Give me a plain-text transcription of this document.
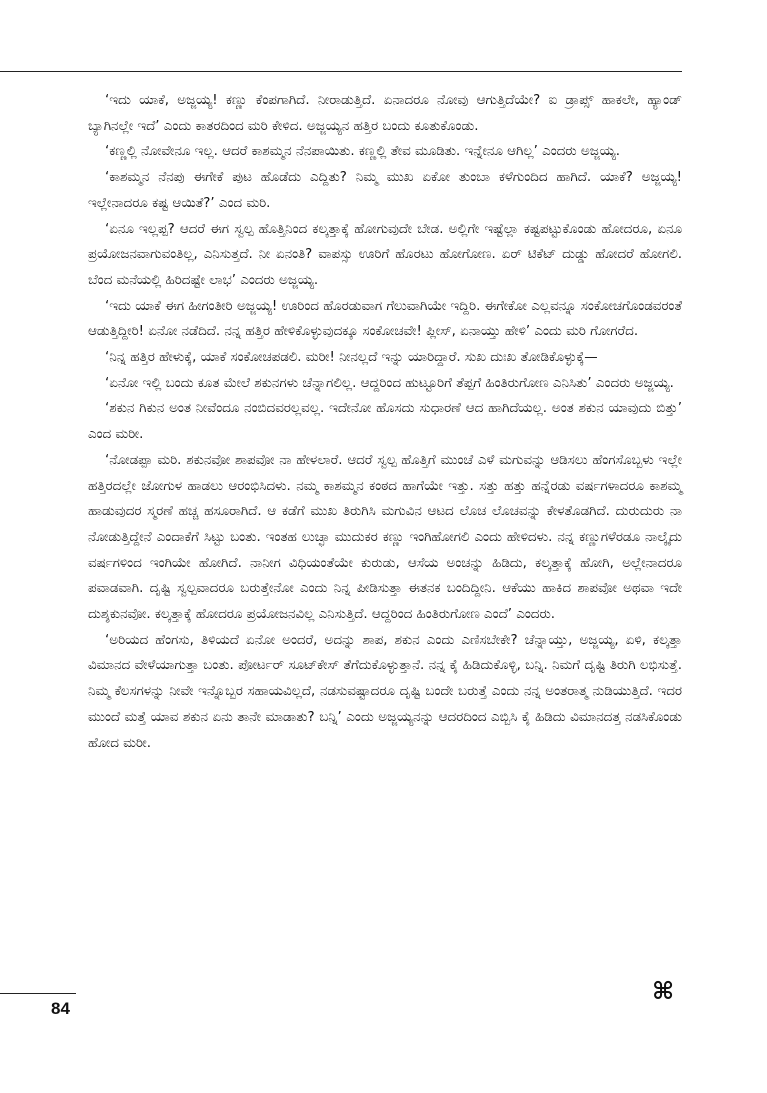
‘ಇದು ಯಾಕೆ, ಅಜ್ಜಯ್ಯ! ಕಣ್ಣು ಕೆಂಪಗಾಗಿದೆ. ನೀರಾಡುತ್ತಿದೆ. ಏನಾದರೂ ನೋವು ಆಗುತ್ತಿದೆಯೇ? ಐ ಡ್ರಾಪ್ಸ್ ಹಾಕಲೇ, ಹ್ಯಾಂಡ್ ಬ್ಯಾಗಿನಲ್ಲೇ ಇದೆ’ ಎಂದು ಕಾತರದಿಂದ ಮರಿ ಕೇಳಿದ. ಅಜ್ಜಯ್ಯನ ಹತ್ತಿರ ಬಂದು ಕೂತುಕೊಂಡು.

‘ಕಣ್ಣಲ್ಲಿ ನೋವೇನೂ ಇಲ್ಲ. ಆದರೆ ಕಾಶಮ್ಮನ ನೆನಪಾಯಿತು. ಕಣ್ಣಲ್ಲಿ ತೇವ ಮೂಡಿತು. ಇನ್ನೇನೂ ಆಗಿಲ್ಲ’ ಎಂದರು ಅಜ್ಜಯ್ಯ.

‘ಕಾಶಮ್ಮನ ನೆನಪು ಈಗೇಕೆ ಪುಟ ಹೊಡೆದು ಎದ್ದಿತು? ನಿಮ್ಮ ಮುಖ ಏಕೋ ತುಂಬಾ ಕಳೆಗುಂದಿದ ಹಾಗಿದೆ. ಯಾಕೆ? ಅಜ್ಜಯ್ಯ! ಇಲ್ಲೇನಾದರೂ ಕಷ್ಟ ಆಯಿತೆ?’ ಎಂದ ಮರಿ.

‘ಏನೂ ಇಲ್ಲಪ್ಪ? ಆದರೆ ಈಗ ಸ್ವಲ್ಪ ಹೊತ್ತಿನಿಂದ ಕಲ್ಕತ್ತಾಕ್ಕೆ ಹೋಗುವುದೇ ಬೇಡ. ಅಲ್ಲಿಗೇ ಇಷ್ಟೆಲ್ಲಾ ಕಷ್ಟಪಟ್ಟುಕೊಂಡು ಹೋದರೂ, ಏನೂ ಪ್ರಯೋಜನವಾಗುವಂತಿಲ್ಲ, ಎನಿಸುತ್ತದೆ. ನೀ ಏನಂತಿ? ವಾಪಸ್ಸು ಊರಿಗೆ ಹೊರಟು ಹೋಗೋಣ. ಏರ್ ಟಿಕೆಟ್ ದುಡ್ಡು ಹೋದರೆ ಹೋಗಲಿ. ಬೆಂದ ಮನೆಯಲ್ಲಿ ಹಿರಿದಷ್ಟೇ ಲಾಭ’ ಎಂದರು ಅಜ್ಜಯ್ಯ.

‘ಇದು ಯಾಕೆ ಈಗ ಹೀಗಂತೀರಿ ಅಜ್ಜಯ್ಯ! ಊರಿಂದ ಹೊರಡುವಾಗ ಗೆಲುವಾಗಿಯೇ ಇದ್ದಿರಿ. ಈಗೇಕೋ ಎಲ್ಲವನ್ನೂ ಸಂಕೋಚಗೊಂಡವರಂತೆ ಆಡುತ್ತಿದ್ದೀರಿ! ಏನೋ ನಡೆದಿದೆ. ನನ್ನ ಹತ್ತಿರ ಹೇಳಿಕೊಳ್ಳುವುದಕ್ಕೂ ಸಂಕೋಚವೇ! ಪ್ಲೀಸ್, ಏನಾಯ್ತು ಹೇಳಿ’ ಎಂದು ಮರಿ ಗೋಗರೆದ.

‘ನಿನ್ನ ಹತ್ತಿರ ಹೇಳುಕ್ಕೆ, ಯಾಕೆ ಸಂಕೋಚಪಡಲಿ. ಮರೀ! ನೀನಲ್ಲದೆ ಇನ್ನು ಯಾರಿದ್ದಾರೆ. ಸುಖ ದುಃಖ ತೋಡಿಕೊಳ್ಳುಕ್ಕೆ—

‘ಏನೋ ಇಲ್ಲಿ ಬಂದು ಕೂತ ಮೇಲೆ ಶಕುನಗಳು ಚೆನ್ನಾಗಲಿಲ್ಲ. ಆದ್ದರಿಂದ ಹುಟ್ಟೂರಿಗೆ ತೆಪ್ಪಗೆ ಹಿಂತಿರುಗೋಣ ಎನಿಸಿತು’ ಎಂದರು ಅಜ್ಜಯ್ಯ.

‘ಶಕುನ ಗಿಕುನ ಅಂತ ನೀವೆಂದೂ ನಂಬಿದವರಲ್ಲವಲ್ಲ. ಇದೇನೋ ಹೊಸದು ಸುಧಾರಣೆ ಆದ ಹಾಗಿದೆಯಲ್ಲ. ಅಂತ ಶಕುನ ಯಾವುದು ಬಿತ್ತು’ ಎಂದ ಮರೀ.

‘ನೋಡಪ್ಪಾ ಮರಿ. ಶಕುನವೋ ಶಾಪವೋ ನಾ ಹೇಳಲಾರೆ. ಆದರೆ ಸ್ವಲ್ಪ ಹೊತ್ತಿಗೆ ಮುಂಚೆ ಎಳೆ ಮಗುವನ್ನು ಆಡಿಸಲು ಹೆಂಗಸೊಬ್ಬಳು ಇಲ್ಲೇ ಹತ್ತಿರದಲ್ಲೇ ಜೋಗುಳ ಹಾಡಲು ಆರಂಭಿಸಿದಳು. ನಮ್ಮ ಕಾಶಮ್ಮನ ಕಂಠದ ಹಾಗೆಯೇ ಇತ್ತು. ಸತ್ತು ಹತ್ತು ಹನ್ನೆರಡು ವರ್ಷಗಳಾದರೂ ಕಾಶಮ್ಮ ಹಾಡುವುದರ ಸ್ಮರಣೆ ಹಚ್ಚ ಹಸೂರಾಗಿದೆ. ಆ ಕಡೆಗೆ ಮುಖ ತಿರುಗಿಸಿ ಮಗುವಿನ ಆಟದ ಲೊಚ ಲೊಚವನ್ನು ಕೇಳತೊಡಗಿದೆ. ದುರುದುರು ನಾ ನೋಡುತ್ತಿದ್ದೇನೆ ಎಂದಾಕೆಗೆ ಸಿಟ್ಟು ಬಂತು. ಇಂತಹ ಲುಚ್ಛಾ ಮುದುಕರ ಕಣ್ಣು ಇಂಗಿಹೋಗಲಿ ಎಂದು ಹೇಳಿದಳು. ನನ್ನ ಕಣ್ಣುಗಳೆರಡೂ ನಾಲ್ಕೈದು ವರ್ಷಗಳಿಂದ ಇಂಗಿಯೇ ಹೋಗಿದೆ. ನಾನೀಗ ವಿಧಿಯಂತೆಯೇ ಕುರುಡು, ಆಸೆಯ ಅಂಚನ್ನು ಹಿಡಿದು, ಕಲ್ಕತ್ತಾಕ್ಕೆ ಹೋಗಿ, ಅಲ್ಲೇನಾದರೂ ಪವಾಡವಾಗಿ. ದೃಷ್ಟಿ ಸ್ವಲ್ಪವಾದರೂ ಬರುತ್ತೇನೋ ಎಂದು ನಿನ್ನ ಪೀಡಿಸುತ್ತಾ ಈತನಕ ಬಂದಿದ್ದೀನಿ. ಆಕೆಯು ಹಾಕಿದ ಶಾಪವೋ ಅಥವಾ ಇದೇ ದುಶ್ಶಕುನವೋ. ಕಲ್ಕತ್ತಾಕ್ಕೆ ಹೋದರೂ ಪ್ರಯೋಜನವಿಲ್ಲ ಎನಿಸುತ್ತಿದೆ. ಆದ್ದರಿಂದ ಹಿಂತಿರುಗೋಣ ಎಂದೆ’ ಎಂದರು.

‘ಅರಿಯದ ಹೆಂಗಸು, ತಿಳಿಯದೆ ಏನೋ ಅಂದರೆ, ಅದನ್ನು ಶಾಪ, ಶಕುನ ಎಂದು ಎಣಿಸಬೇಕೇ? ಚೆನ್ನಾಯ್ತು, ಅಜ್ಜಯ್ಯ, ಏಳಿ, ಕಲ್ಕತ್ತಾ ವಿಮಾನದ ವೇಳೆಯಾಗುತ್ತಾ ಬಂತು. ಪೋರ್ಟರ್ ಸೂಟ್‌ಕೇಸ್ ತೆಗೆದುಕೊಳ್ಳುತ್ತಾನೆ. ನನ್ನ ಕೈ ಹಿಡಿದುಕೊಳ್ಳಿ, ಬನ್ನಿ. ನಿಮಗೆ ದೃಷ್ಟಿ ತಿರುಗಿ ಲಭಿಸುತ್ತೆ. ನಿಮ್ಮ ಕೆಲಸಗಳನ್ನು ನೀವೇ ಇನ್ನೊಬ್ಬರ ಸಹಾಯವಿಲ್ಲದೆ, ನಡಸುವಷ್ಟಾದರೂ ದೃಷ್ಟಿ ಬಂದೇ ಬರುತ್ತೆ ಎಂದು ನನ್ನ ಅಂತರಾತ್ಮ ನುಡಿಯುತ್ತಿದೆ. ಇದರ ಮುಂದೆ ಮತ್ತೆ ಯಾವ ಶಕುನ ಏನು ತಾನೇ ಮಾಡಾತು? ಬನ್ನಿ’ ಎಂದು ಅಜ್ಜಯ್ಯನನ್ನು ಆದರದಿಂದ ಎಬ್ಬಿಸಿ ಕೈ ಹಿಡಿದು ವಿಮಾನದತ್ತ ನಡಸಿಕೊಂಡು ಹೋದ ಮರೀ.

⌘
84
